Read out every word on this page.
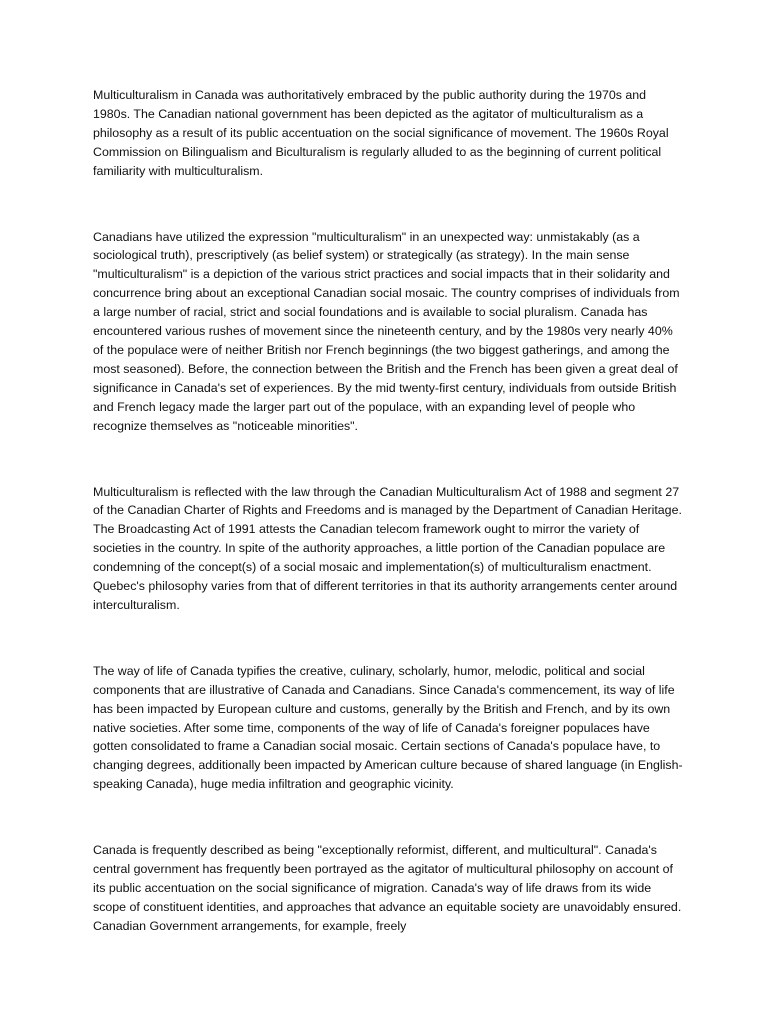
Multiculturalism in Canada was authoritatively embraced by the public authority during the 1970s and 1980s. The Canadian national government has been depicted as the agitator of multiculturalism as a philosophy as a result of its public accentuation on the social significance of movement. The 1960s Royal Commission on Bilingualism and Biculturalism is regularly alluded to as the beginning of current political familiarity with multiculturalism.

Canadians have utilized the expression "multiculturalism" in an unexpected way: unmistakably (as a sociological truth), prescriptively (as belief system) or strategically (as strategy). In the main sense "multiculturalism" is a depiction of the various strict practices and social impacts that in their solidarity and concurrence bring about an exceptional Canadian social mosaic. The country comprises of individuals from a large number of racial, strict and social foundations and is available to social pluralism. Canada has encountered various rushes of movement since the nineteenth century, and by the 1980s very nearly 40% of the populace were of neither British nor French beginnings (the two biggest gatherings, and among the most seasoned). Before, the connection between the British and the French has been given a great deal of significance in Canada's set of experiences. By the mid twenty-first century, individuals from outside British and French legacy made the larger part out of the populace, with an expanding level of people who recognize themselves as "noticeable minorities".

Multiculturalism is reflected with the law through the Canadian Multiculturalism Act of 1988 and segment 27 of the Canadian Charter of Rights and Freedoms and is managed by the Department of Canadian Heritage. The Broadcasting Act of 1991 attests the Canadian telecom framework ought to mirror the variety of societies in the country. In spite of the authority approaches, a little portion of the Canadian populace are condemning of the concept(s) of a social mosaic and implementation(s) of multiculturalism enactment. Quebec's philosophy varies from that of different territories in that its authority arrangements center around interculturalism.

The way of life of Canada typifies the creative, culinary, scholarly, humor, melodic, political and social components that are illustrative of Canada and Canadians. Since Canada's commencement, its way of life has been impacted by European culture and customs, generally by the British and French, and by its own native societies. After some time, components of the way of life of Canada's foreigner populaces have gotten consolidated to frame a Canadian social mosaic. Certain sections of Canada's populace have, to changing degrees, additionally been impacted by American culture because of shared language (in English-speaking Canada), huge media infiltration and geographic vicinity.

Canada is frequently described as being "exceptionally reformist, different, and multicultural". Canada's central government has frequently been portrayed as the agitator of multicultural philosophy on account of its public accentuation on the social significance of migration. Canada's way of life draws from its wide scope of constituent identities, and approaches that advance an equitable society are unavoidably ensured. Canadian Government arrangements, for example, freely
